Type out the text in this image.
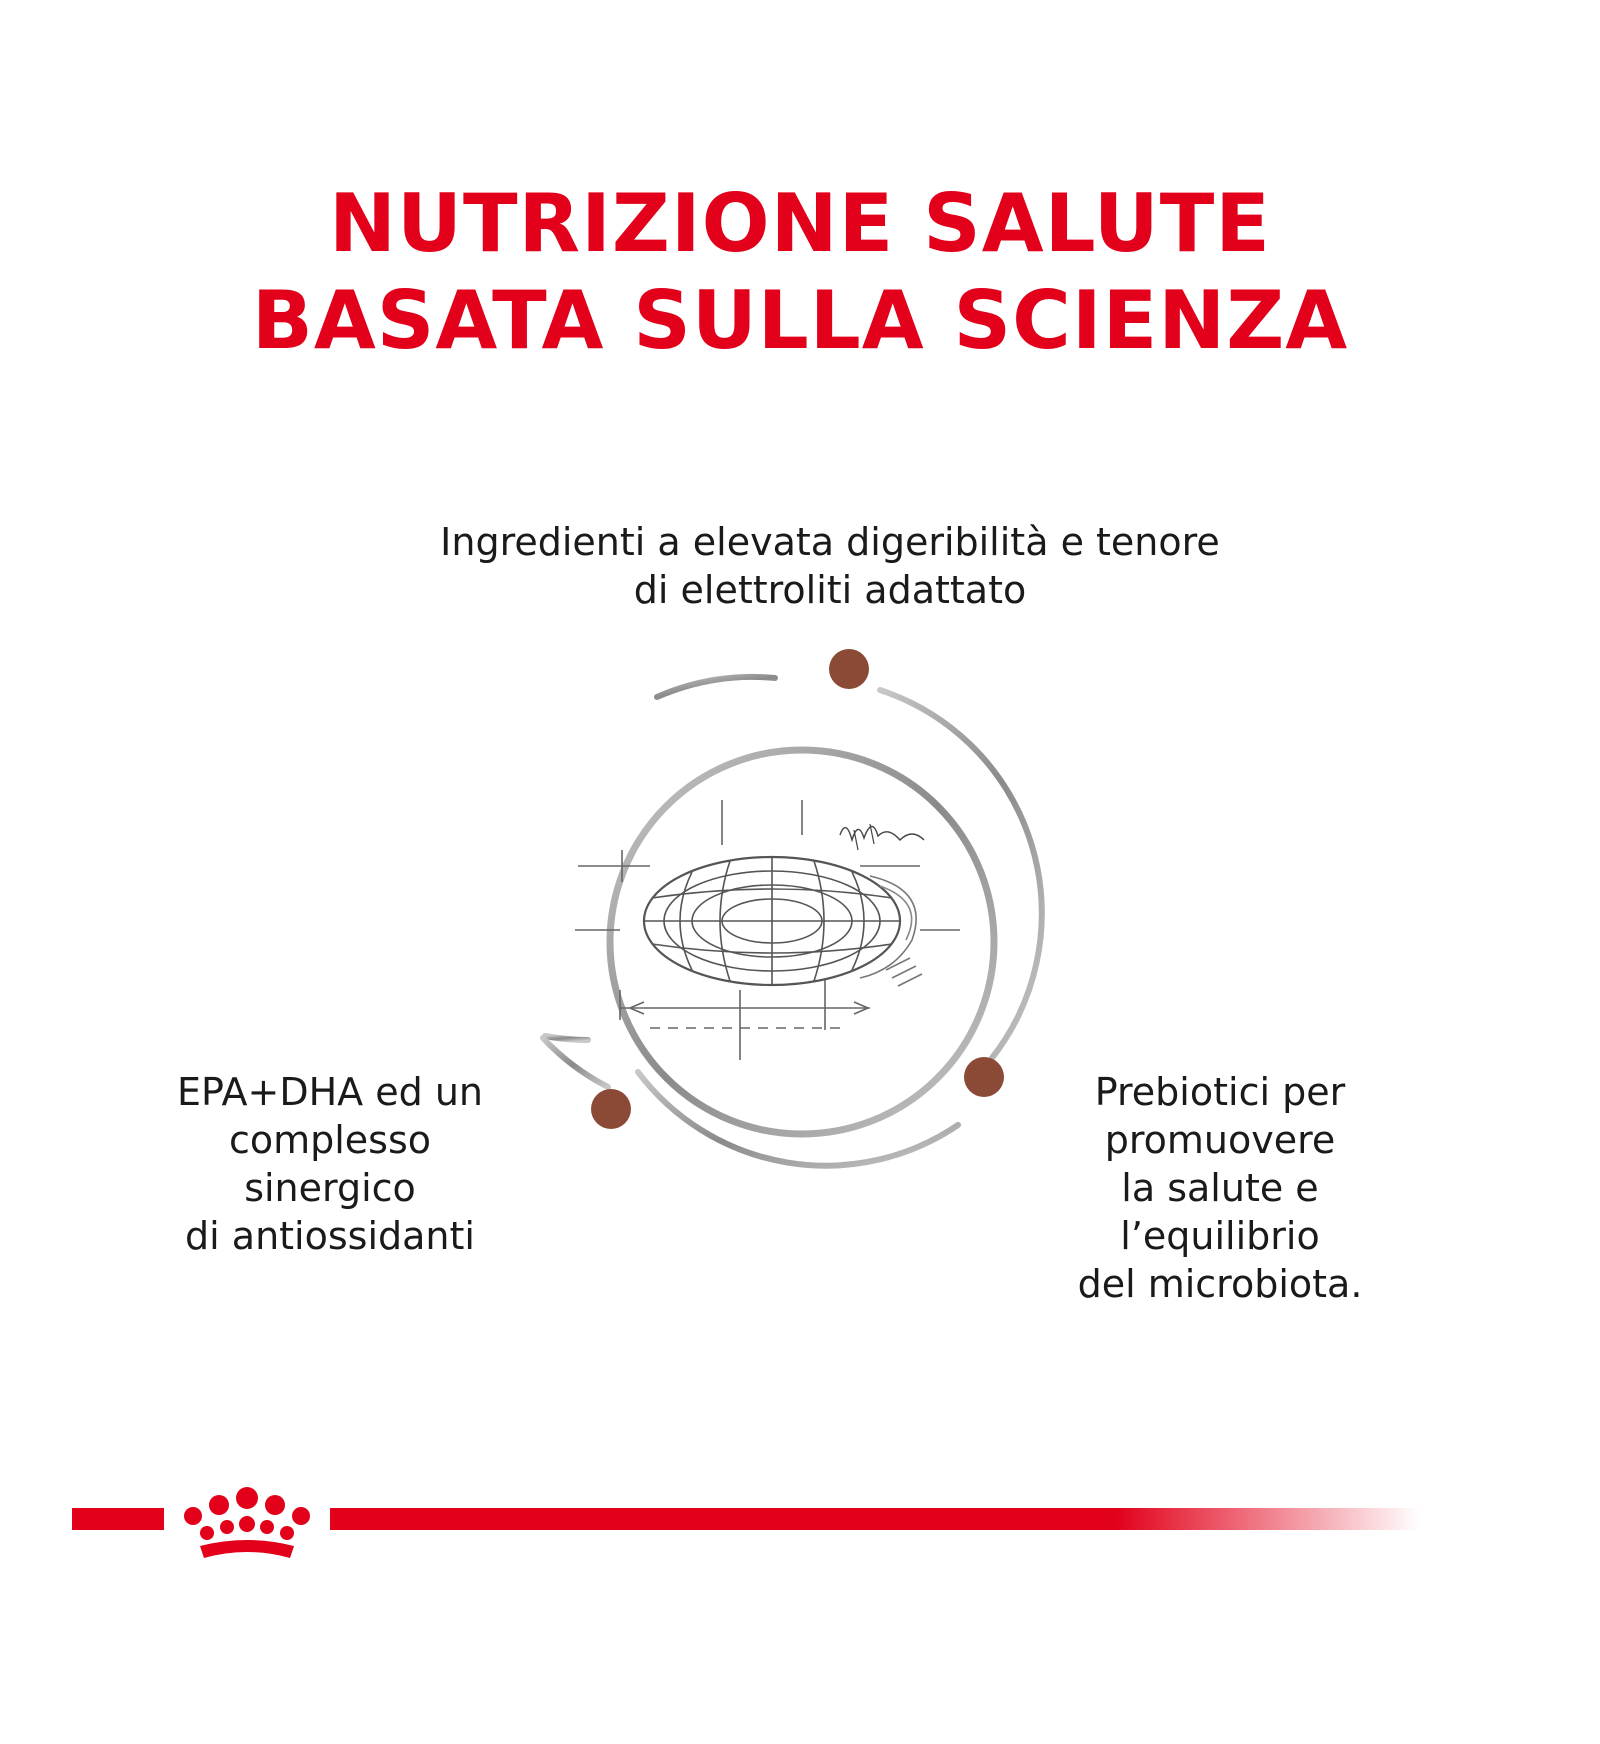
NUTRIZIONE SALUTE
BASATA SULLA SCIENZA
Ingredienti a elevata digeribilità e tenore
di elettroliti adattato
EPA+DHA ed un
complesso
sinergico
di antiossidanti
Prebiotici per
promuovere
la salute e
l’equilibrio
del microbiota.
